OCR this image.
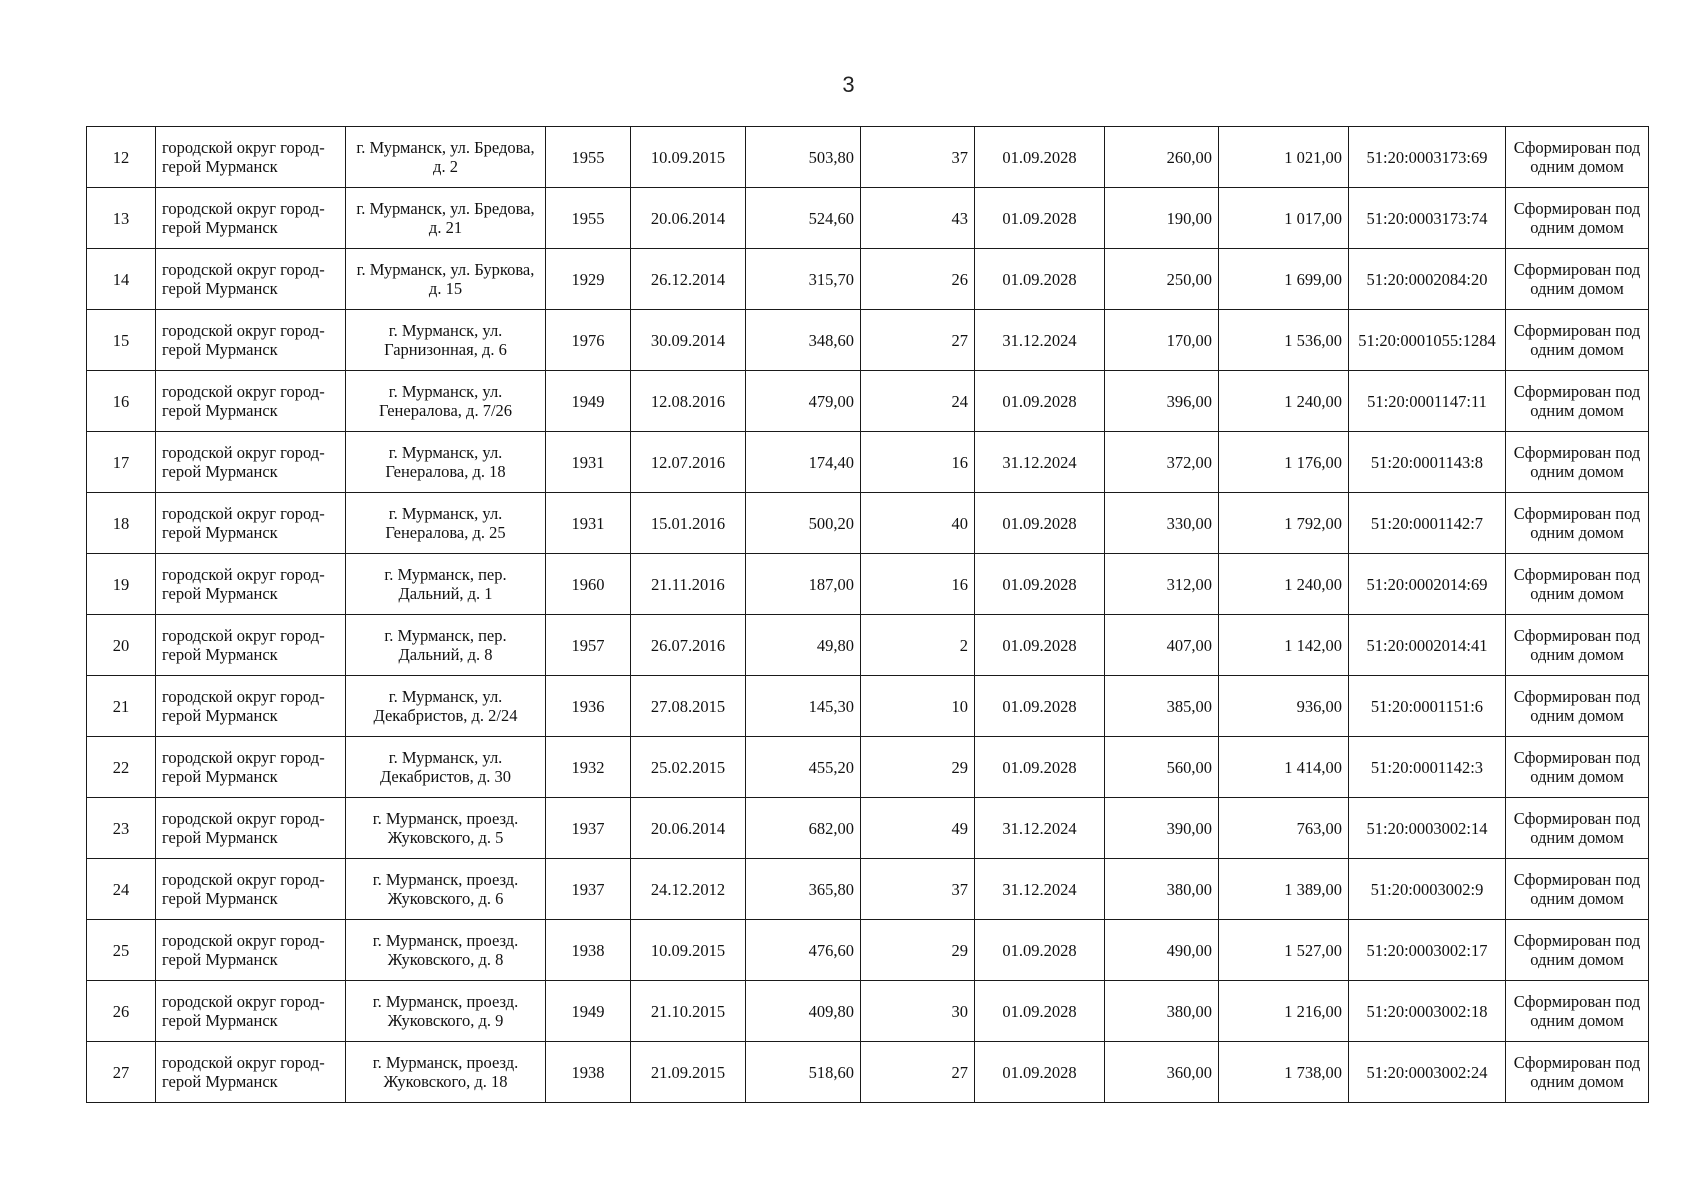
3
12	городской округ город-герой Мурманск	г. Мурманск, ул. Бредова, д. 2	1955	10.09.2015	503,80	37	01.09.2028	260,00	1 021,00	51:20:0003173:69	Сформирован под одним домом
13	городской округ город-герой Мурманск	г. Мурманск, ул. Бредова, д. 21	1955	20.06.2014	524,60	43	01.09.2028	190,00	1 017,00	51:20:0003173:74	Сформирован под одним домом
14	городской округ город-герой Мурманск	г. Мурманск, ул. Буркова, д. 15	1929	26.12.2014	315,70	26	01.09.2028	250,00	1 699,00	51:20:0002084:20	Сформирован под одним домом
15	городской округ город-герой Мурманск	г. Мурманск, ул. Гарнизонная, д. 6	1976	30.09.2014	348,60	27	31.12.2024	170,00	1 536,00	51:20:0001055:1284	Сформирован под одним домом
16	городской округ город-герой Мурманск	г. Мурманск, ул. Генералова, д. 7/26	1949	12.08.2016	479,00	24	01.09.2028	396,00	1 240,00	51:20:0001147:11	Сформирован под одним домом
17	городской округ город-герой Мурманск	г. Мурманск, ул. Генералова, д. 18	1931	12.07.2016	174,40	16	31.12.2024	372,00	1 176,00	51:20:0001143:8	Сформирован под одним домом
18	городской округ город-герой Мурманск	г. Мурманск, ул. Генералова, д. 25	1931	15.01.2016	500,20	40	01.09.2028	330,00	1 792,00	51:20:0001142:7	Сформирован под одним домом
19	городской округ город-герой Мурманск	г. Мурманск, пер. Дальний, д. 1	1960	21.11.2016	187,00	16	01.09.2028	312,00	1 240,00	51:20:0002014:69	Сформирован под одним домом
20	городской округ город-герой Мурманск	г. Мурманск, пер. Дальний, д. 8	1957	26.07.2016	49,80	2	01.09.2028	407,00	1 142,00	51:20:0002014:41	Сформирован под одним домом
21	городской округ город-герой Мурманск	г. Мурманск, ул. Декабристов, д. 2/24	1936	27.08.2015	145,30	10	01.09.2028	385,00	936,00	51:20:0001151:6	Сформирован под одним домом
22	городской округ город-герой Мурманск	г. Мурманск, ул. Декабристов, д. 30	1932	25.02.2015	455,20	29	01.09.2028	560,00	1 414,00	51:20:0001142:3	Сформирован под одним домом
23	городской округ город-герой Мурманск	г. Мурманск, проезд. Жуковского, д. 5	1937	20.06.2014	682,00	49	31.12.2024	390,00	763,00	51:20:0003002:14	Сформирован под одним домом
24	городской округ город-герой Мурманск	г. Мурманск, проезд. Жуковского, д. 6	1937	24.12.2012	365,80	37	31.12.2024	380,00	1 389,00	51:20:0003002:9	Сформирован под одним домом
25	городской округ город-герой Мурманск	г. Мурманск, проезд. Жуковского, д. 8	1938	10.09.2015	476,60	29	01.09.2028	490,00	1 527,00	51:20:0003002:17	Сформирован под одним домом
26	городской округ город-герой Мурманск	г. Мурманск, проезд. Жуковского, д. 9	1949	21.10.2015	409,80	30	01.09.2028	380,00	1 216,00	51:20:0003002:18	Сформирован под одним домом
27	городской округ город-герой Мурманск	г. Мурманск, проезд. Жуковского, д. 18	1938	21.09.2015	518,60	27	01.09.2028	360,00	1 738,00	51:20:0003002:24	Сформирован под одним домом
